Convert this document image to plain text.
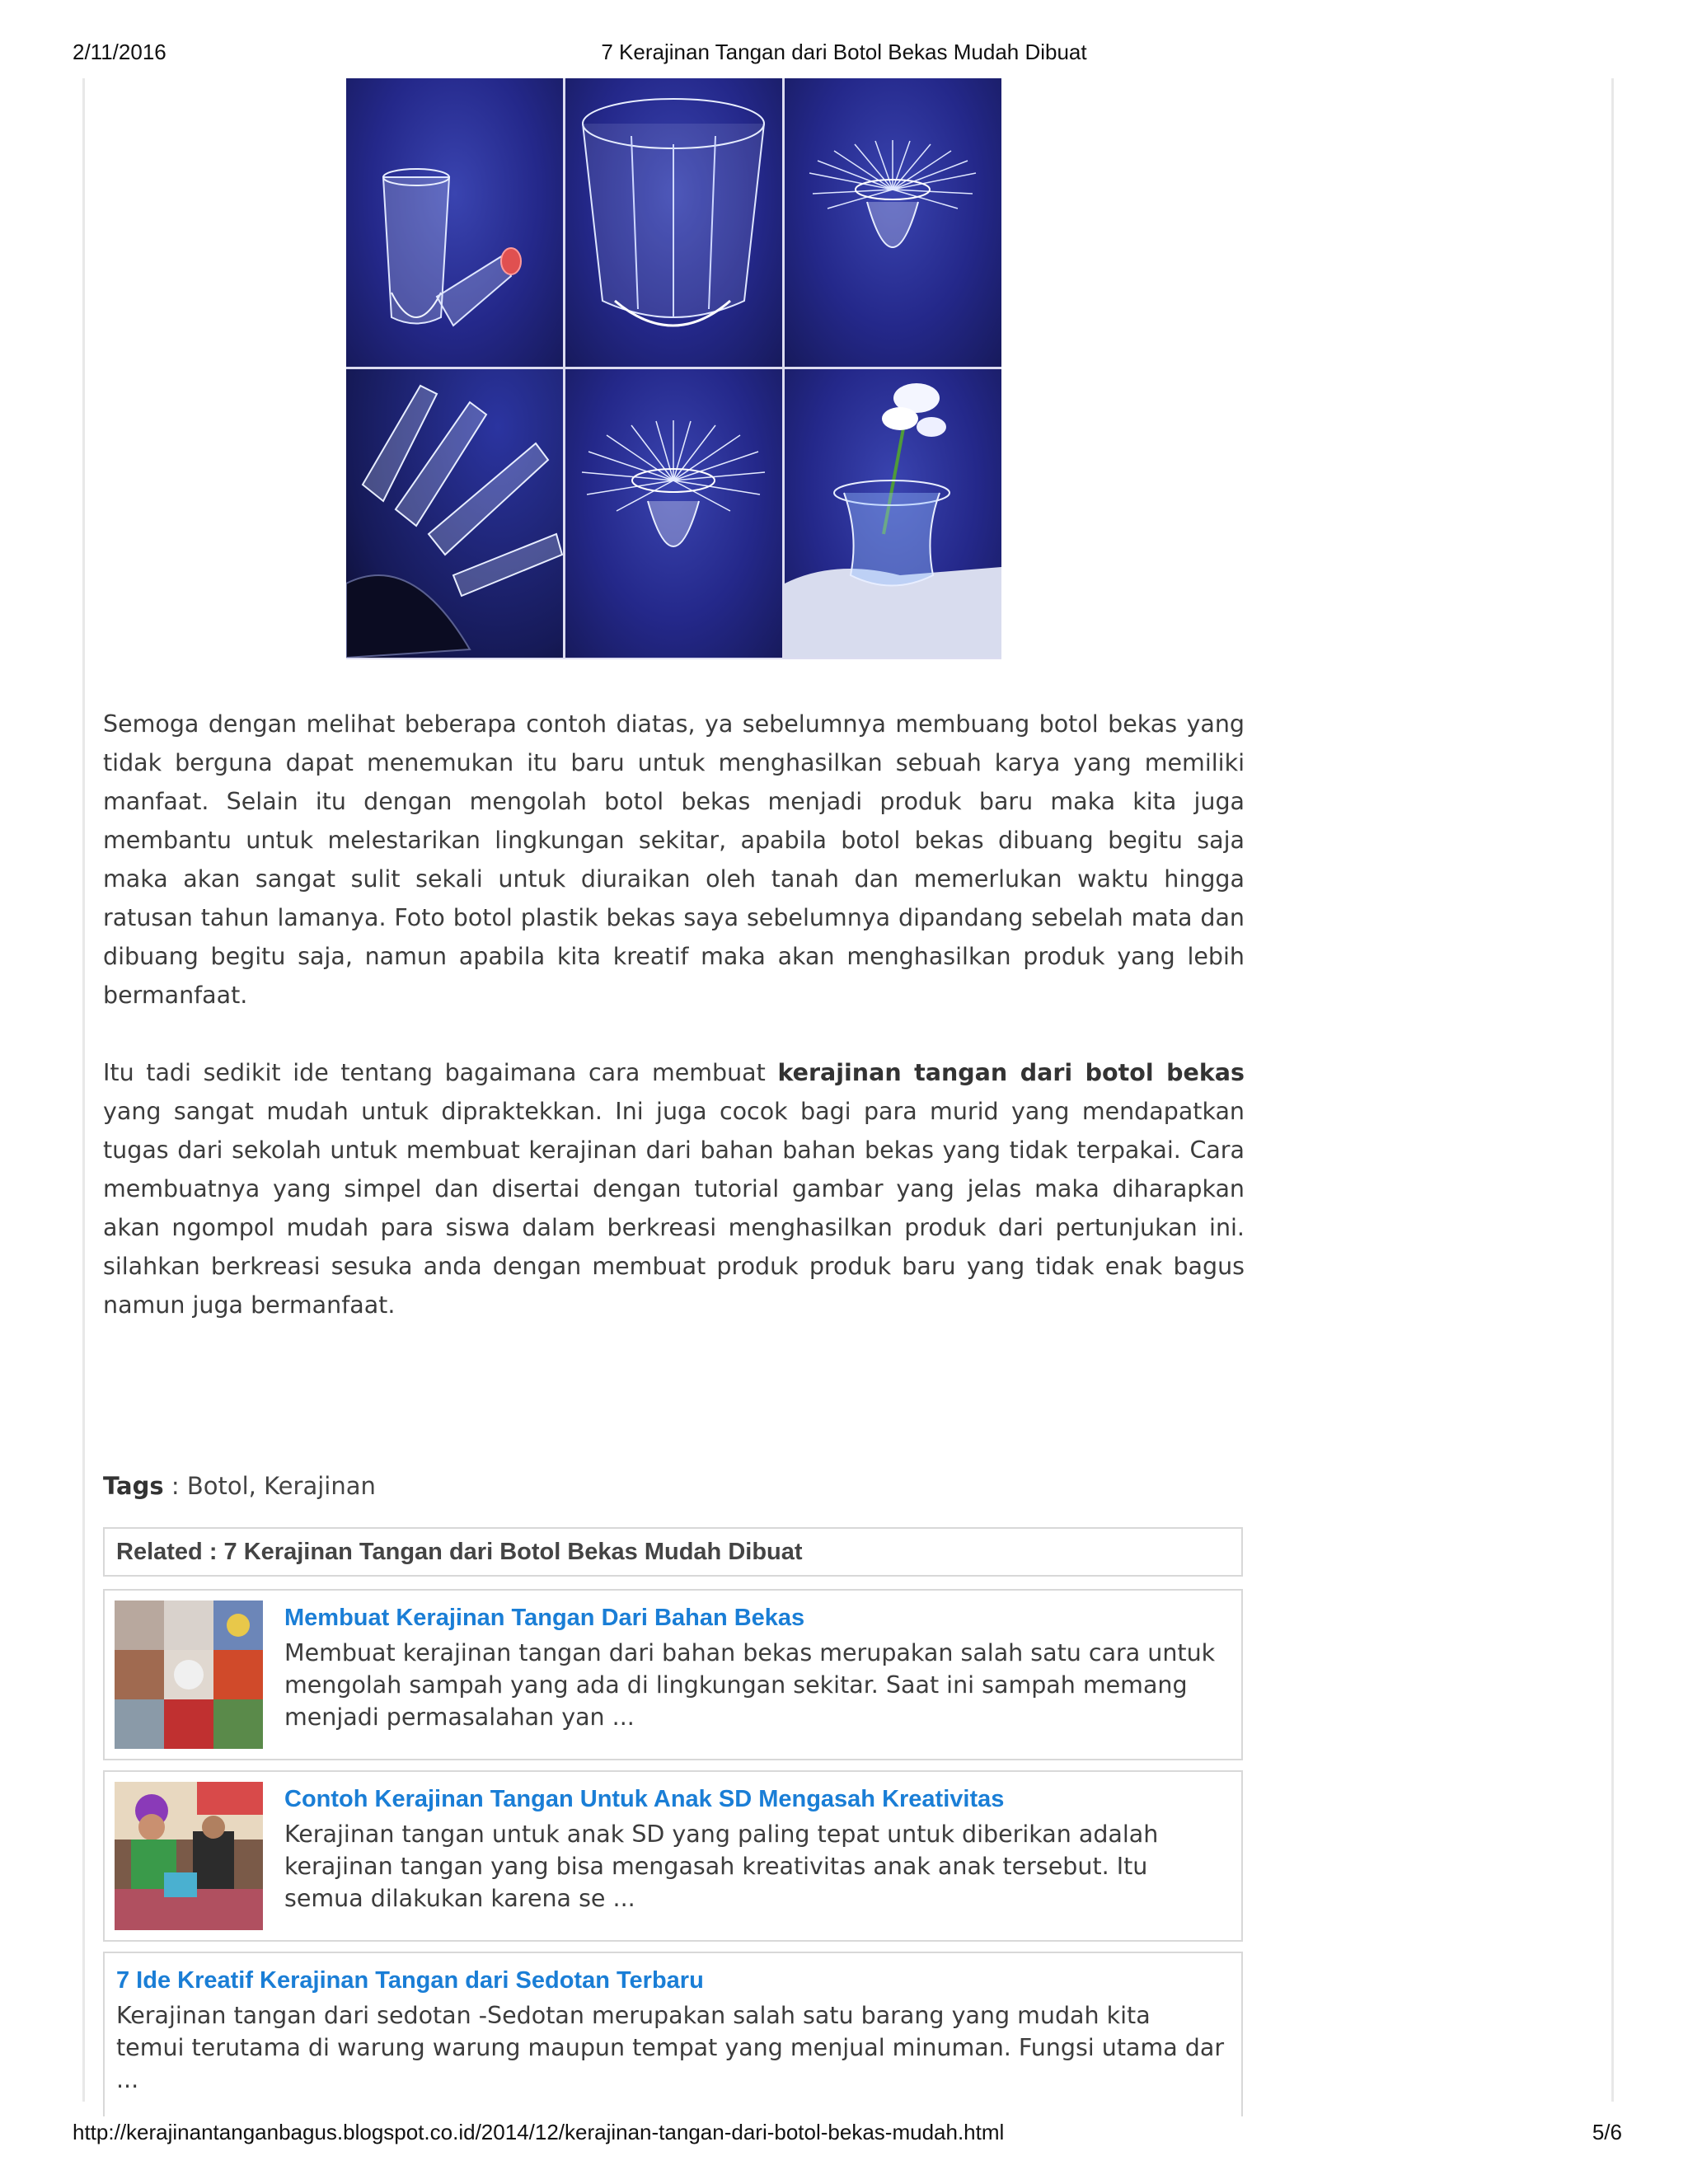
2/11/2016	7 Kerajinan Tangan dari Botol Bekas Mudah Dibuat

Semoga dengan melihat beberapa contoh diatas, ya sebelumnya membuang botol bekas yang tidak berguna dapat menemukan itu baru untuk menghasilkan sebuah karya yang memiliki manfaat. Selain itu dengan mengolah botol bekas menjadi produk baru maka kita juga membantu untuk melestarikan lingkungan sekitar, apabila botol bekas dibuang begitu saja maka akan sangat sulit sekali untuk diuraikan oleh tanah dan memerlukan waktu hingga ratusan tahun lamanya. Foto botol plastik bekas saya sebelumnya dipandang sebelah mata dan dibuang begitu saja, namun apabila kita kreatif maka akan menghasilkan produk yang lebih bermanfaat.

Itu tadi sedikit ide tentang bagaimana cara membuat kerajinan tangan dari botol bekas yang sangat mudah untuk dipraktekkan. Ini juga cocok bagi para murid yang mendapatkan tugas dari sekolah untuk membuat kerajinan dari bahan bahan bekas yang tidak terpakai. Cara membuatnya yang simpel dan disertai dengan tutorial gambar yang jelas maka diharapkan akan ngompol mudah para siswa dalam berkreasi menghasilkan produk dari pertunjukan ini. silahkan berkreasi sesuka anda dengan membuat produk produk baru yang tidak enak bagus namun juga bermanfaat.

Tags : Botol, Kerajinan
Related : 7 Kerajinan Tangan dari Botol Bekas Mudah Dibuat
Membuat Kerajinan Tangan Dari Bahan Bekas
Membuat kerajinan tangan dari bahan bekas merupakan salah satu cara untuk mengolah sampah yang ada di lingkungan sekitar. Saat ini sampah memang menjadi permasalahan yan ...
Contoh Kerajinan Tangan Untuk Anak SD Mengasah Kreativitas
Kerajinan tangan untuk anak SD yang paling tepat untuk diberikan adalah kerajinan tangan yang bisa mengasah kreativitas anak anak tersebut. Itu semua dilakukan karena se ...
7 Ide Kreatif Kerajinan Tangan dari Sedotan Terbaru
Kerajinan tangan dari sedotan -Sedotan merupakan salah satu barang yang mudah kita temui terutama di warung warung maupun tempat yang menjual minuman. Fungsi utama dar ...
http://kerajinantanganbagus.blogspot.co.id/2014/12/kerajinan-tangan-dari-botol-bekas-mudah.html	5/6
